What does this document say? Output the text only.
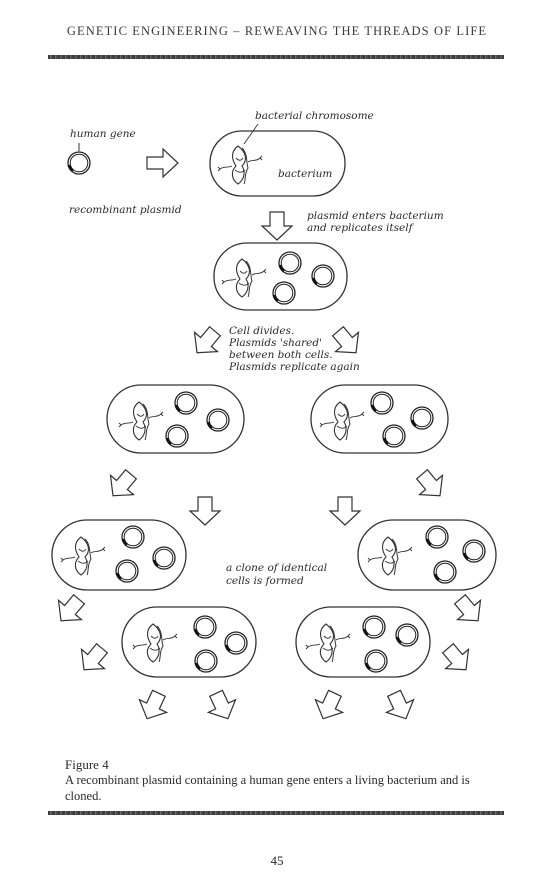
GENETIC ENGINEERING – REWEAVING THE THREADS OF LIFE
human gene
recombinant plasmid
bacterial chromosome
bacterium
plasmid enters bacterium
and replicates itself
Cell divides.
Plasmids 'shared'
between both cells.
Plasmids replicate again
a clone of identical
cells is formed
Figure 4
A recombinant plasmid containing a human gene enters a living bacterium and is cloned.
45
